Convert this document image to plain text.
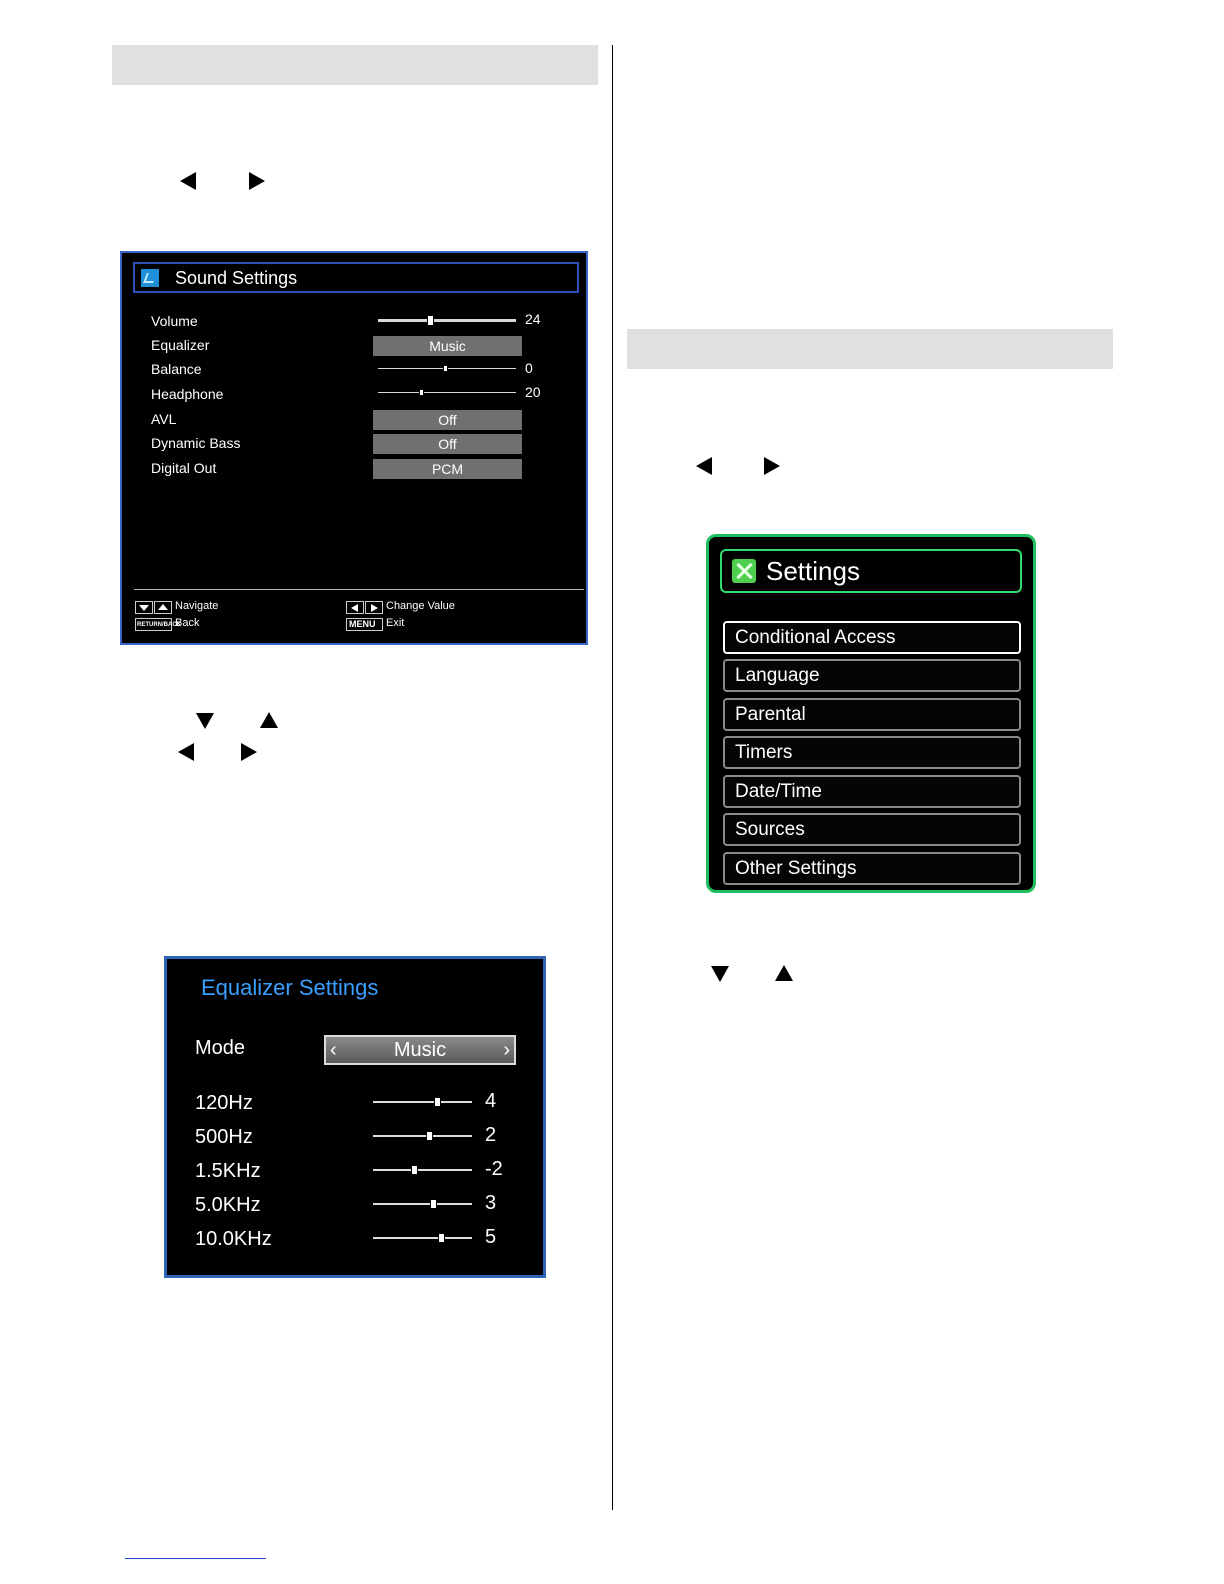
Sound Settings
Volume	24
Equalizer	Music
Balance	0
Headphone	20
AVL	Off
Dynamic Bass	Off
Digital Out	PCM
Navigate
RETURN/BACK
Back
Change Value
MENU Exit
Equalizer Settings
Mode	‹	Music	›
120Hz	4
500Hz	2
1.5KHz	-2
5.0KHz	3
10.0KHz	5
Settings
Conditional Access
Language
Parental
Timers
Date/Time
Sources
Other Settings
